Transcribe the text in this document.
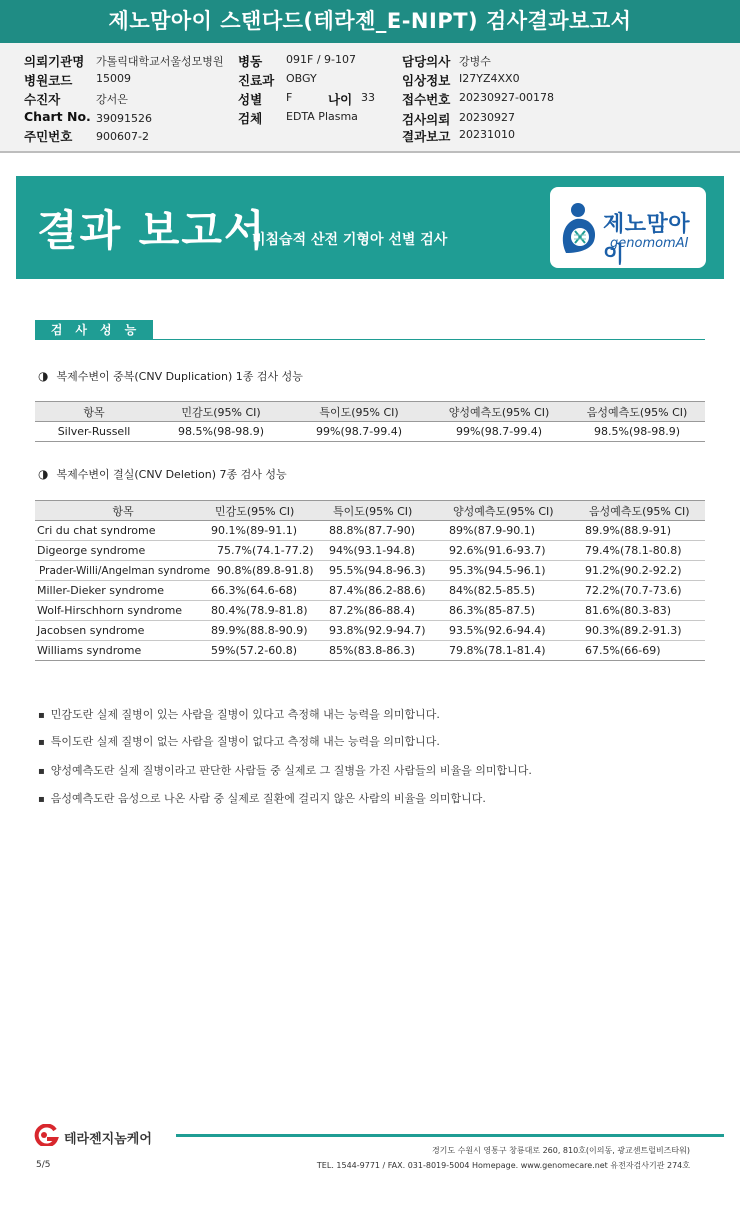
제노맘아이 스탠다드(테라젠_E-NIPT) 검사결과보고서
의뢰기관명 가톨릭대학교서울성모병원
병원코드 15009
수진자	강서은
Chart No. 39091526
주민번호 900607-2
병동 091F / 9-107
진료과 OBGY
성별 F	나이 33
검체 EDTA Plasma
담당의사 강병수
임상정보 I27YZ4XX0
접수번호 20230927-00178
검사의뢰 20230927
결과보고 20231010
결과 보고서
비침습적 산전 기형아 선별 검사
제노맘아이
genomomAI
검사성능
◑ 복제수변이 중복(CNV Duplication) 1종 검사 성능
항목	민감도(95% CI)	특이도(95% CI)	양성예측도(95% CI)	음성예측도(95% CI)
Silver-Russell	98.5%(98-98.9)	99%(98.7-99.4)	99%(98.7-99.4)	98.5%(98-98.9)
◑ 복제수변이 결실(CNV Deletion) 7종 검사 성능
항목	민감도(95% CI)	특이도(95% CI)	양성예측도(95% CI)	음성예측도(95% CI)
Cri du chat syndrome	90.1%(89-91.1)	88.8%(87.7-90)	89%(87.9-90.1)	89.9%(88.9-91)
Digeorge syndrome	75.7%(74.1-77.2)	94%(93.1-94.8)	92.6%(91.6-93.7)	79.4%(78.1-80.8)
Prader-Willi/Angelman syndrome	90.8%(89.8-91.8)	95.5%(94.8-96.3)	95.3%(94.5-96.1)	91.2%(90.2-92.2)
Miller-Dieker syndrome	66.3%(64.6-68)	87.4%(86.2-88.6)	84%(82.5-85.5)	72.2%(70.7-73.6)
Wolf-Hirschhorn syndrome	80.4%(78.9-81.8)	87.2%(86-88.4)	86.3%(85-87.5)	81.6%(80.3-83)
Jacobsen syndrome	89.9%(88.8-90.9)	93.8%(92.9-94.7)	93.5%(92.6-94.4)	90.3%(89.2-91.3)
Williams syndrome	59%(57.2-60.8)	85%(83.8-86.3)	79.8%(78.1-81.4)	67.5%(66-69)
▪ 민감도란 실제 질병이 있는 사람을 질병이 있다고 측정해 내는 능력을 의미합니다.
▪ 특이도란 실제 질병이 없는 사람을 질병이 없다고 측정해 내는 능력을 의미합니다.
▪ 양성예측도란 실제 질병이라고 판단한 사람들 중 실제로 그 질병을 가진 사람들의 비율을 의미합니다.
▪ 음성예측도란 음성으로 나온 사람 중 실제로 질환에 걸리지 않은 사람의 비율을 의미합니다.
테라젠지놈케어
경기도 수원시 영통구 창룡대로 260, 810호(이의동, 광교센트럴비즈타워)
TEL. 1544-9771 / FAX. 031-8019-5004 Homepage. www.genomecare.net 유전자검사기관 274호
5/5
